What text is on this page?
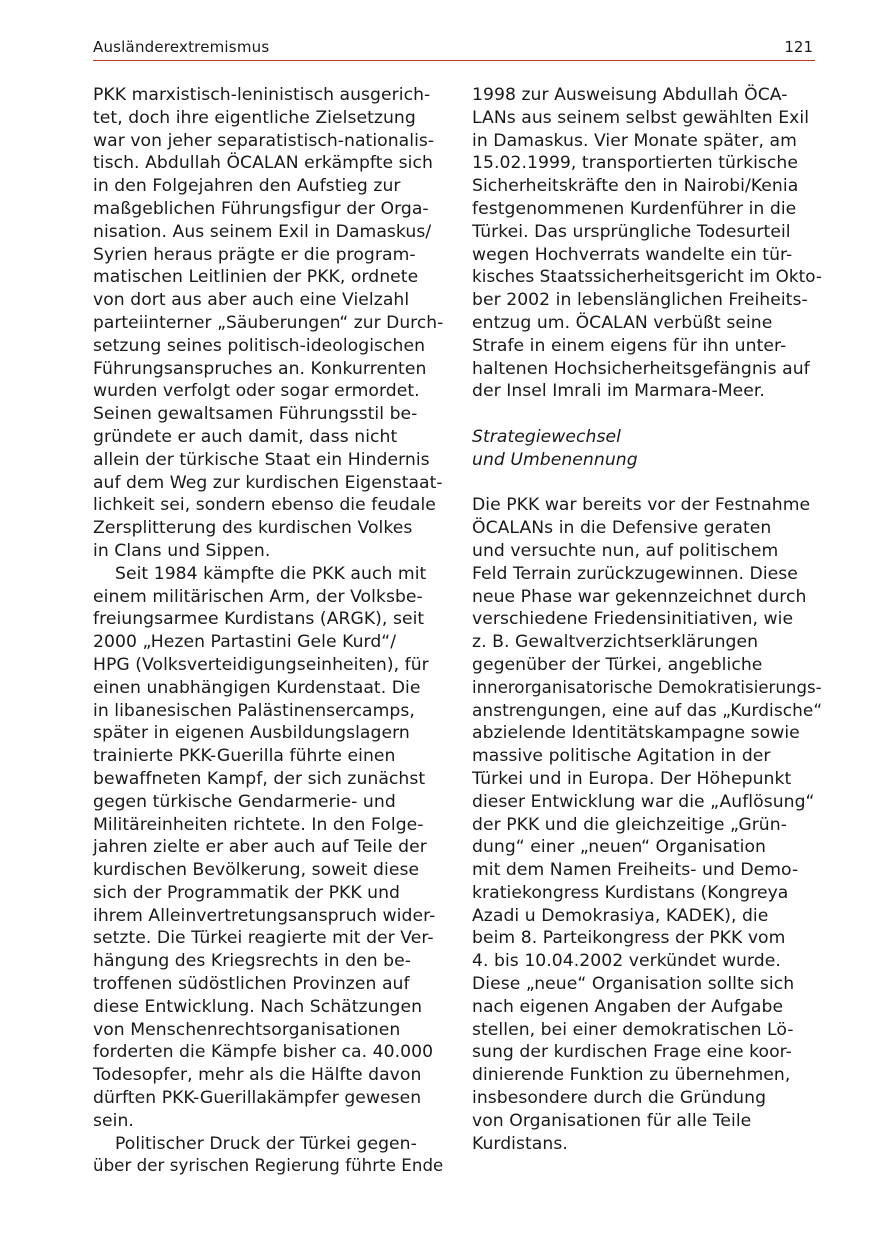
Ausländerextremismus	121
PKK marxistisch-leninistisch ausgerich-
tet, doch ihre eigentliche Zielsetzung
war von jeher separatistisch-nationalis-
tisch. Abdullah ÖCALAN erkämpfte sich
in den Folgejahren den Aufstieg zur
maßgeblichen Führungsfigur der Orga-
nisation. Aus seinem Exil in Damaskus/
Syrien heraus prägte er die program-
matischen Leitlinien der PKK, ordnete
von dort aus aber auch eine Vielzahl
parteiinterner „Säuberungen“ zur Durch-
setzung seines politisch-ideologischen
Führungsanspruches an. Konkurrenten
wurden verfolgt oder sogar ermordet.
Seinen gewaltsamen Führungsstil be-
gründete er auch damit, dass nicht
allein der türkische Staat ein Hindernis
auf dem Weg zur kurdischen Eigenstaat-
lichkeit sei, sondern ebenso die feudale
Zersplitterung des kurdischen Volkes
in Clans und Sippen.
Seit 1984 kämpfte die PKK auch mit
einem militärischen Arm, der Volksbe-
freiungsarmee Kurdistans (ARGK), seit
2000 „Hezen Partastini Gele Kurd“/
HPG (Volksverteidigungseinheiten), für
einen unabhängigen Kurdenstaat. Die
in libanesischen Palästinensercamps,
später in eigenen Ausbildungslagern
trainierte PKK-Guerilla führte einen
bewaffneten Kampf, der sich zunächst
gegen türkische Gendarmerie- und
Militäreinheiten richtete. In den Folge-
jahren zielte er aber auch auf Teile der
kurdischen Bevölkerung, soweit diese
sich der Programmatik der PKK und
ihrem Alleinvertretungsanspruch wider-
setzte. Die Türkei reagierte mit der Ver-
hängung des Kriegsrechts in den be-
troffenen südöstlichen Provinzen auf
diese Entwicklung. Nach Schätzungen
von Menschenrechtsorganisationen
forderten die Kämpfe bisher ca. 40.000
Todesopfer, mehr als die Hälfte davon
dürften PKK-Guerillakämpfer gewesen
sein.
Politischer Druck der Türkei gegen-
über der syrischen Regierung führte Ende
1998 zur Ausweisung Abdullah ÖCA-
LANs aus seinem selbst gewählten Exil
in Damaskus. Vier Monate später, am
15.02.1999, transportierten türkische
Sicherheitskräfte den in Nairobi/Kenia
festgenommenen Kurdenführer in die
Türkei. Das ursprüngliche Todesurteil
wegen Hochverrats wandelte ein tür-
kisches Staatssicherheitsgericht im Okto-
ber 2002 in lebenslänglichen Freiheits-
entzug um. ÖCALAN verbüßt seine
Strafe in einem eigens für ihn unter-
haltenen Hochsicherheitsgefängnis auf
der Insel Imrali im Marmara-Meer.
Strategiewechsel
und Umbenennung
Die PKK war bereits vor der Festnahme
ÖCALANs in die Defensive geraten
und versuchte nun, auf politischem
Feld Terrain zurückzugewinnen. Diese
neue Phase war gekennzeichnet durch
verschiedene Friedensinitiativen, wie
z. B. Gewaltverzichtserklärungen
gegenüber der Türkei, angebliche
innerorganisatorische Demokratisierungs-
anstrengungen, eine auf das „Kurdische“
abzielende Identitätskampagne sowie
massive politische Agitation in der
Türkei und in Europa. Der Höhepunkt
dieser Entwicklung war die „Auflösung“
der PKK und die gleichzeitige „Grün-
dung“ einer „neuen“ Organisation
mit dem Namen Freiheits- und Demo-
kratiekongress Kurdistans (Kongreya
Azadi u Demokrasiya, KADEK), die
beim 8. Parteikongress der PKK vom
4. bis 10.04.2002 verkündet wurde.
Diese „neue“ Organisation sollte sich
nach eigenen Angaben der Aufgabe
stellen, bei einer demokratischen Lö-
sung der kurdischen Frage eine koor-
dinierende Funktion zu übernehmen,
insbesondere durch die Gründung
von Organisationen für alle Teile
Kurdistans.
